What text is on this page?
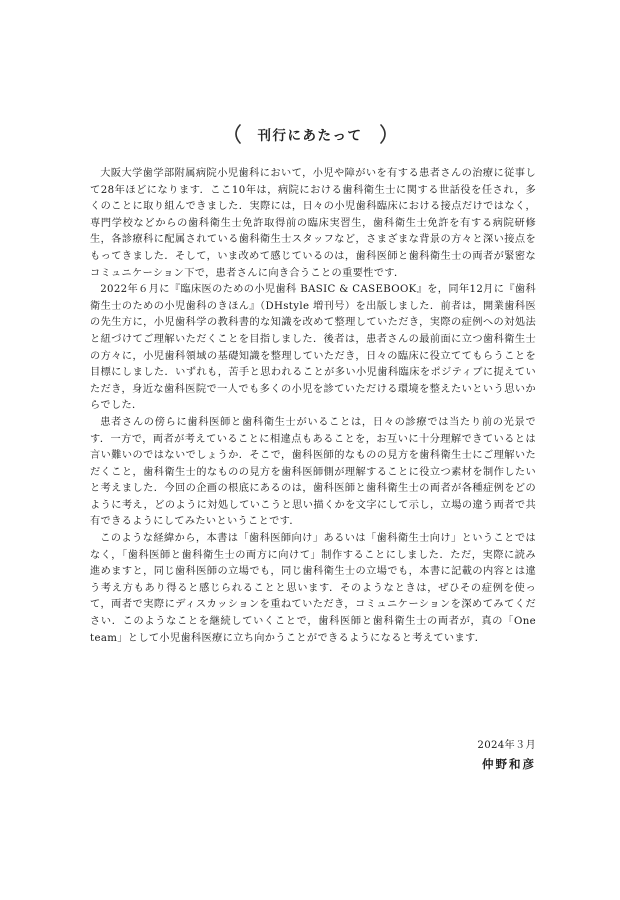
刊行にあたって

大阪大学歯学部附属病院小児歯科において，小児や障がいを有する患者さんの治療に従事して28年ほどになります．ここ10年は，病院における歯科衛生士に関する世話役を任され，多くのことに取り組んできました．実際には，日々の小児歯科臨床における接点だけではなく，専門学校などからの歯科衛生士免許取得前の臨床実習生，歯科衛生士免許を有する病院研修生，各診療科に配属されている歯科衛生士スタッフなど，さまざまな背景の方々と深い接点をもってきました．そして，いま改めて感じているのは，歯科医師と歯科衛生士の両者が緊密なコミュニケーション下で，患者さんに向き合うことの重要性です．

2022年６月に『臨床医のための小児歯科 BASIC & CASEBOOK』を，同年12月に『歯科衛生士のための小児歯科のきほん』（DHstyle 増刊号）を出版しました．前者は，開業歯科医の先生方に，小児歯科学の教科書的な知識を改めて整理していただき，実際の症例への対処法と紐づけてご理解いただくことを目指しました．後者は，患者さんの最前面に立つ歯科衛生士の方々に，小児歯科領域の基礎知識を整理していただき，日々の臨床に役立ててもらうことを目標にしました．いずれも，苦手と思われることが多い小児歯科臨床をポジティブに捉えていただき，身近な歯科医院で一人でも多くの小児を診ていただける環境を整えたいという思いからでした．

患者さんの傍らに歯科医師と歯科衛生士がいることは，日々の診療では当たり前の光景です．一方で，両者が考えていることに相違点もあることを，お互いに十分理解できているとは言い難いのではないでしょうか．そこで，歯科医師的なものの見方を歯科衛生士にご理解いただくこと，歯科衛生士的なものの見方を歯科医師側が理解することに役立つ素材を制作したいと考えました．今回の企画の根底にあるのは，歯科医師と歯科衛生士の両者が各種症例をどのように考え，どのように対処していこうと思い描くかを文字にして示し，立場の違う両者で共有できるようにしてみたいということです．

このような経緯から，本書は「歯科医師向け」あるいは「歯科衛生士向け」ということではなく，「歯科医師と歯科衛生士の両方に向けて」制作することにしました．ただ，実際に読み進めますと，同じ歯科医師の立場でも，同じ歯科衛生士の立場でも，本書に記載の内容とは違う考え方もあり得ると感じられることと思います．そのようなときは，ぜひその症例を使って，両者で実際にディスカッションを重ねていただき，コミュニケーションを深めてみてください．このようなことを継続していくことで，歯科医師と歯科衛生士の両者が，真の「One team」として小児歯科医療に立ち向かうことができるようになると考えています．

2024年３月
仲野和彦
